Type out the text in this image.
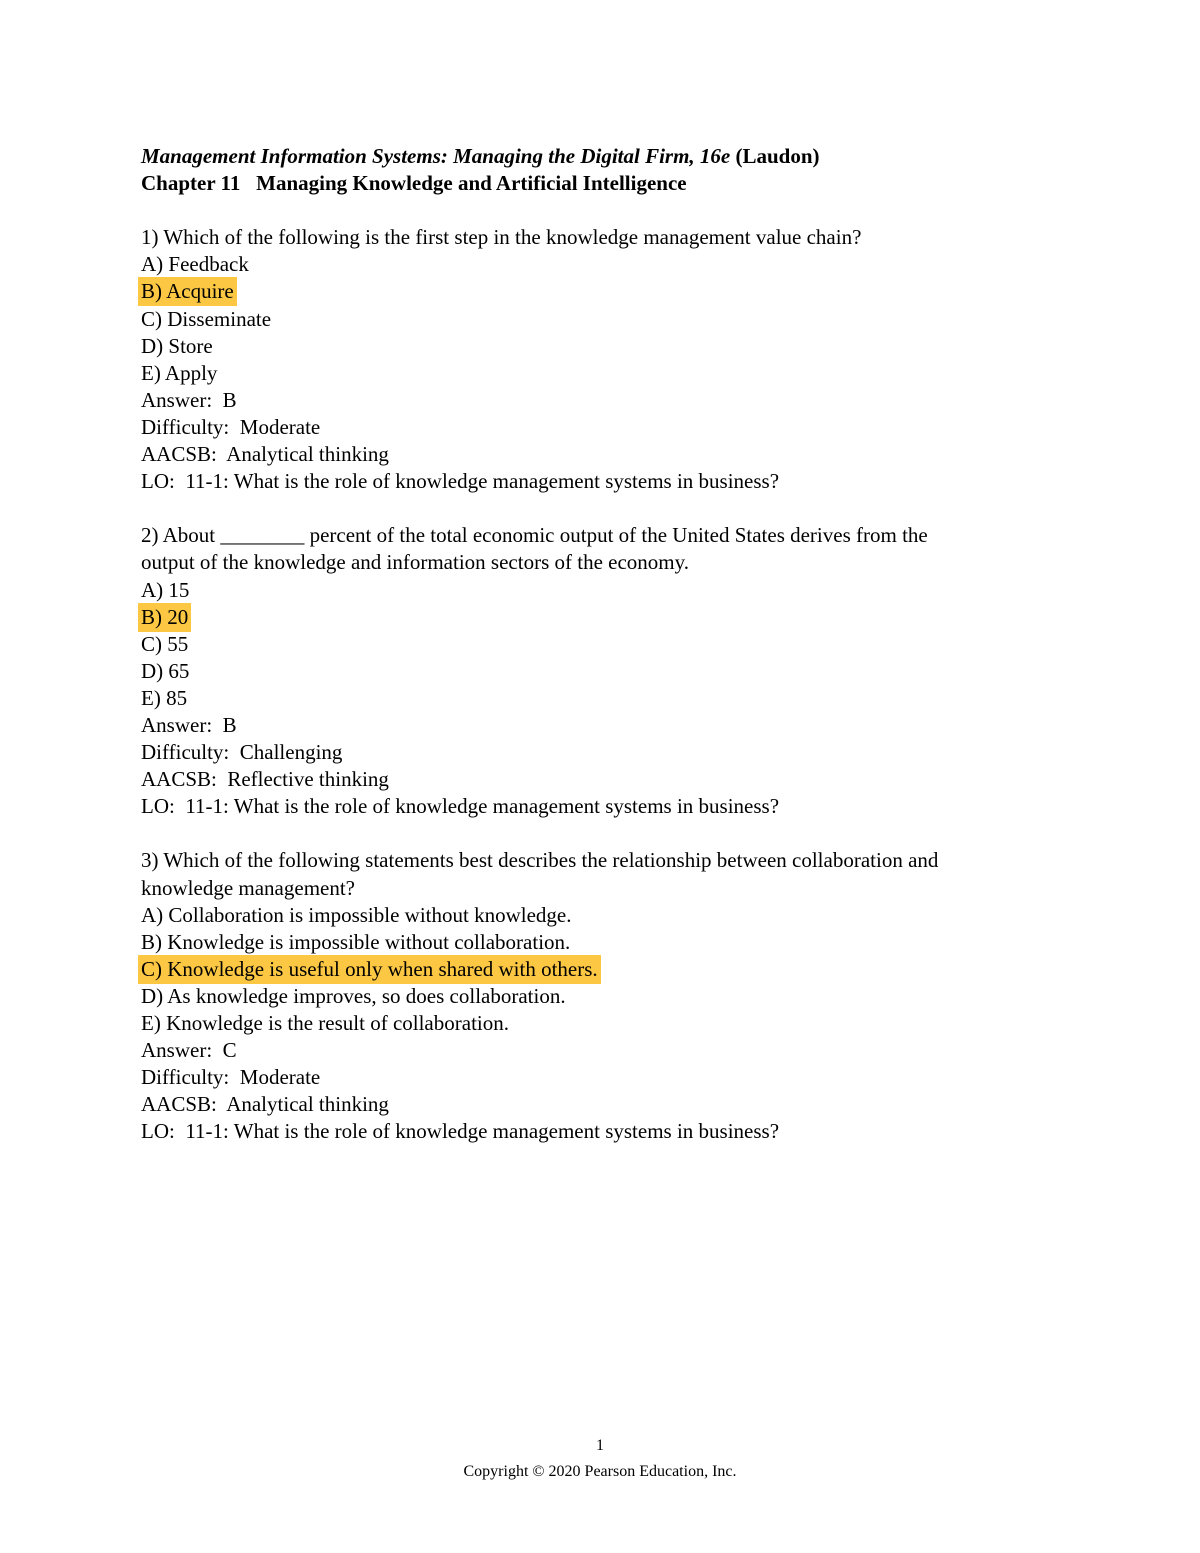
Management Information Systems: Managing the Digital Firm, 16e (Laudon)
Chapter 11 Managing Knowledge and Artificial Intelligence
1) Which of the following is the first step in the knowledge management value chain?
A) Feedback
B) Acquire
C) Disseminate
D) Store
E) Apply
Answer:  B
Difficulty:  Moderate
AACSB:  Analytical thinking
LO:  11-1: What is the role of knowledge management systems in business?
2) About ________ percent of the total economic output of the United States derives from the
output of the knowledge and information sectors of the economy.
A) 15
B) 20
C) 55
D) 65
E) 85
Answer:  B
Difficulty:  Challenging
AACSB:  Reflective thinking
LO:  11-1: What is the role of knowledge management systems in business?
3) Which of the following statements best describes the relationship between collaboration and
knowledge management?
A) Collaboration is impossible without knowledge.
B) Knowledge is impossible without collaboration.
C) Knowledge is useful only when shared with others.
D) As knowledge improves, so does collaboration.
E) Knowledge is the result of collaboration.
Answer:  C
Difficulty:  Moderate
AACSB:  Analytical thinking
LO:  11-1: What is the role of knowledge management systems in business?
1
Copyright © 2020 Pearson Education, Inc.
